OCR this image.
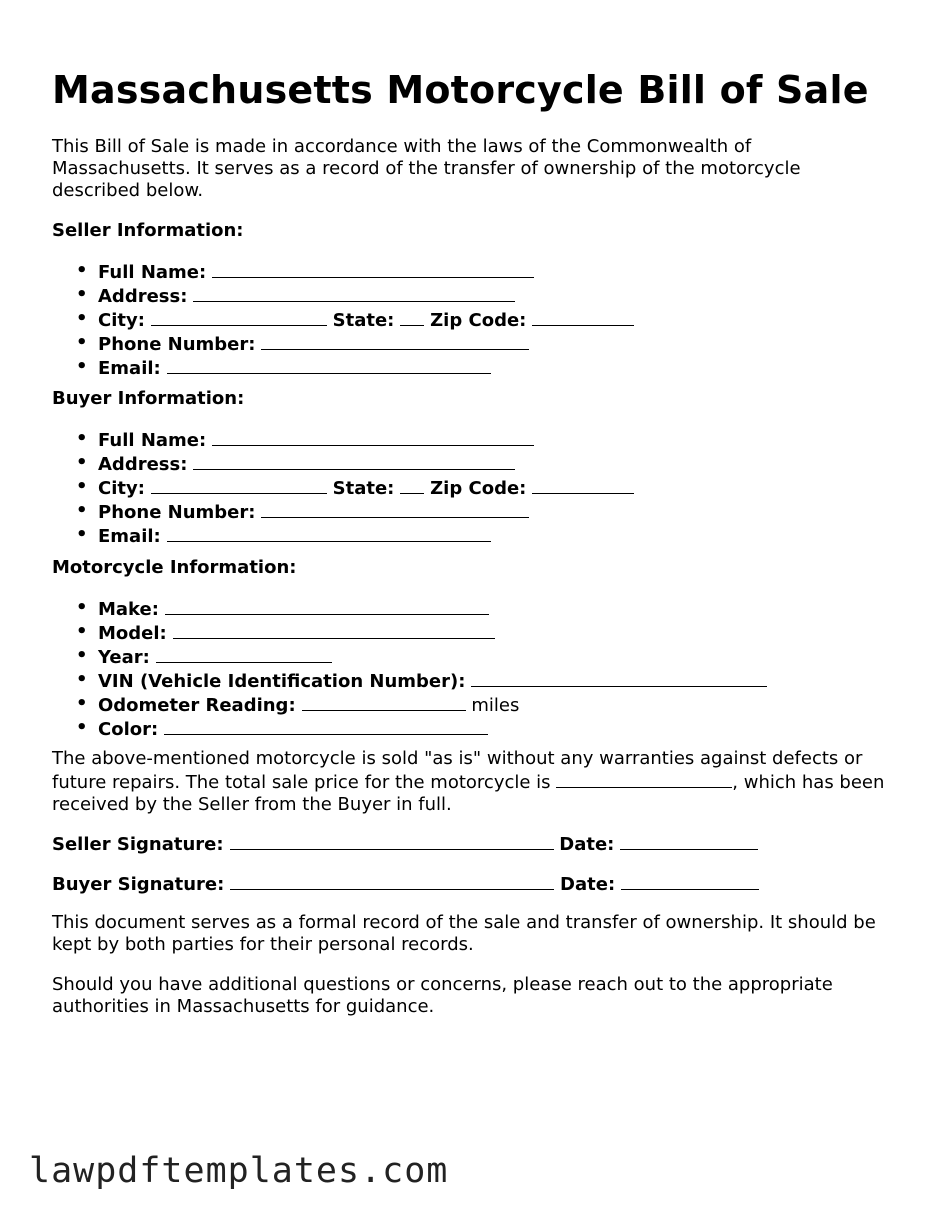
Massachusetts Motorcycle Bill of Sale

This Bill of Sale is made in accordance with the laws of the Commonwealth of Massachusetts. It serves as a record of the transfer of ownership of the motorcycle described below.

Seller Information:

• Full Name:
• Address:
• City:	State: Zip Code:
• Phone Number:
• Email:

Buyer Information:

• Full Name:
• Address:
• City:	State: Zip Code:
• Phone Number:
• Email:

Motorcycle Information:

• Make:
• Model:
• Year:
• VIN (Vehicle Identification Number):
• Odometer Reading:	miles
• Color:

The above-mentioned motorcycle is sold "as is" without any warranties against defects or future repairs. The total sale price for the motorcycle is	, which has been received by the Seller from the Buyer in full.

Seller Signature:	Date:
Buyer Signature:	Date:

This document serves as a formal record of the sale and transfer of ownership. It should be kept by both parties for their personal records.

Should you have additional questions or concerns, please reach out to the appropriate authorities in Massachusetts for guidance.

lawpdftemplates.com
